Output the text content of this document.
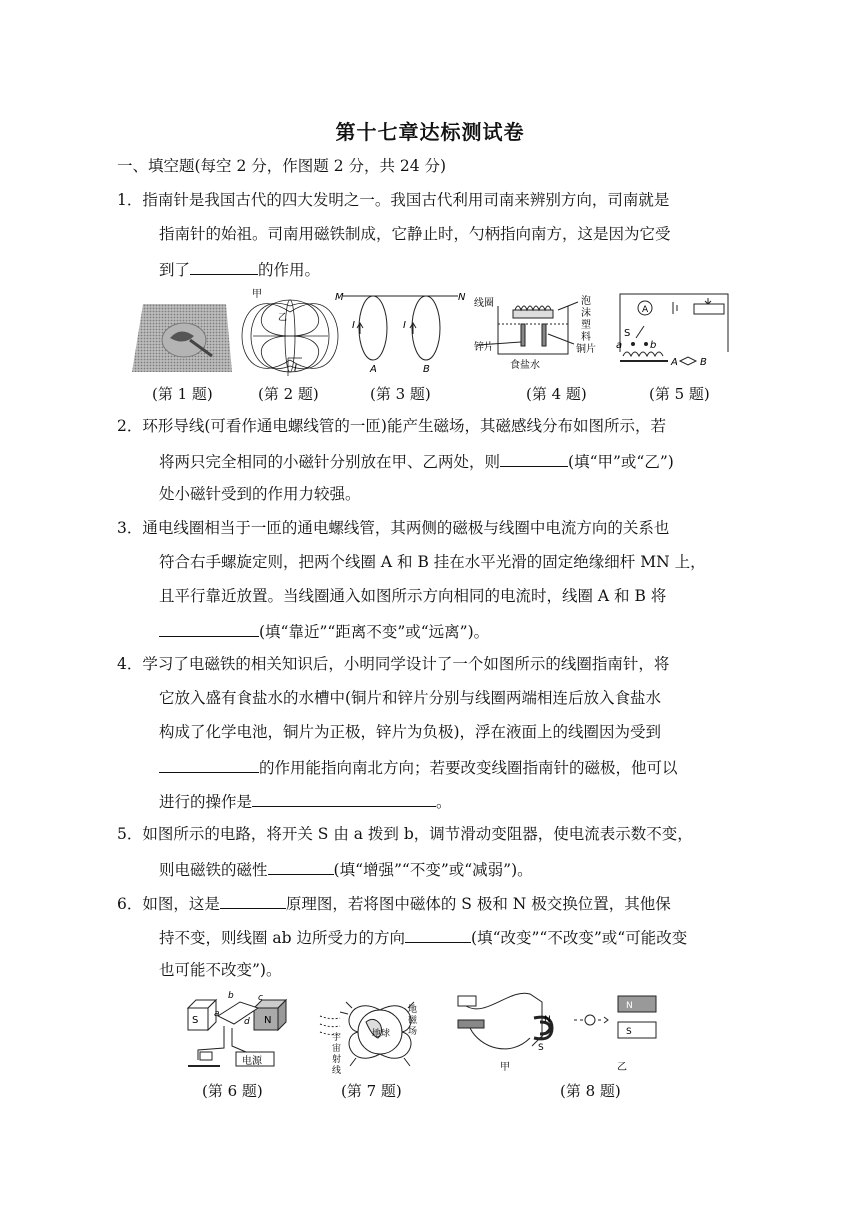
第十七章达标测试卷
一、填空题(每空 2 分，作图题 2 分，共 24 分)
1．指南针是我国古代的四大发明之一。我国古代利用司南来辨别方向，司南就是
指南针的始祖。司南用磁铁制成，它静止时，勺柄指向南方，这是因为它受
到了	的作用。
甲
乙
I
M	N
I	I
A	B
线圈	泡
沫
塑
料
锌片
食盐水
铜片
A
S
a	b
A B
(第 1 题)	(第 2 题)	(第 3 题)	(第 4 题)	(第 5 题)
2．环形导线(可看作通电螺线管的一匝)能产生磁场，其磁感线分布如图所示，若
将两只完全相同的小磁针分别放在甲、乙两处，则	(填“甲”或“乙”)
处小磁针受到的作用力较强。
3．通电线圈相当于一匝的通电螺线管，其两侧的磁极与线圈中电流方向的关系也
符合右手螺旋定则，把两个线圈 A 和 B 挂在水平光滑的固定绝缘细杆 MN 上，
且平行靠近放置。当线圈通入如图所示方向相同的电流时，线圈 A 和 B 将
(填“靠近”“距离不变”或“远离”)。
4．学习了电磁铁的相关知识后，小明同学设计了一个如图所示的线圈指南针，将
它放入盛有食盐水的水槽中(铜片和锌片分别与线圈两端相连后放入食盐水
构成了化学电池，铜片为正极，锌片为负极)，浮在液面上的线圈因为受到
的作用能指向南北方向；若要改变线圈指南针的磁极，他可以
进行的操作是	。
5．如图所示的电路，将开关 S 由 a 拨到 b，调节滑动变阻器，使电流表示数不变，
则电磁铁的磁性	(填“增强”“不变”或“减弱”)。
6．如图，这是	原理图，若将图中磁体的 S 极和 N 极交换位置，其他保
持不变，则线圈 ab 边所受力的方向	(填“改变”“不改变”或“可能改变
也可能不改变”)。
S	N
a
b	c
d
电源
地球
地
磁
场
宇
宙
射
线
N
S
N
S
甲	乙
(第 6 题)	(第 7 题)	(第 8 题)
